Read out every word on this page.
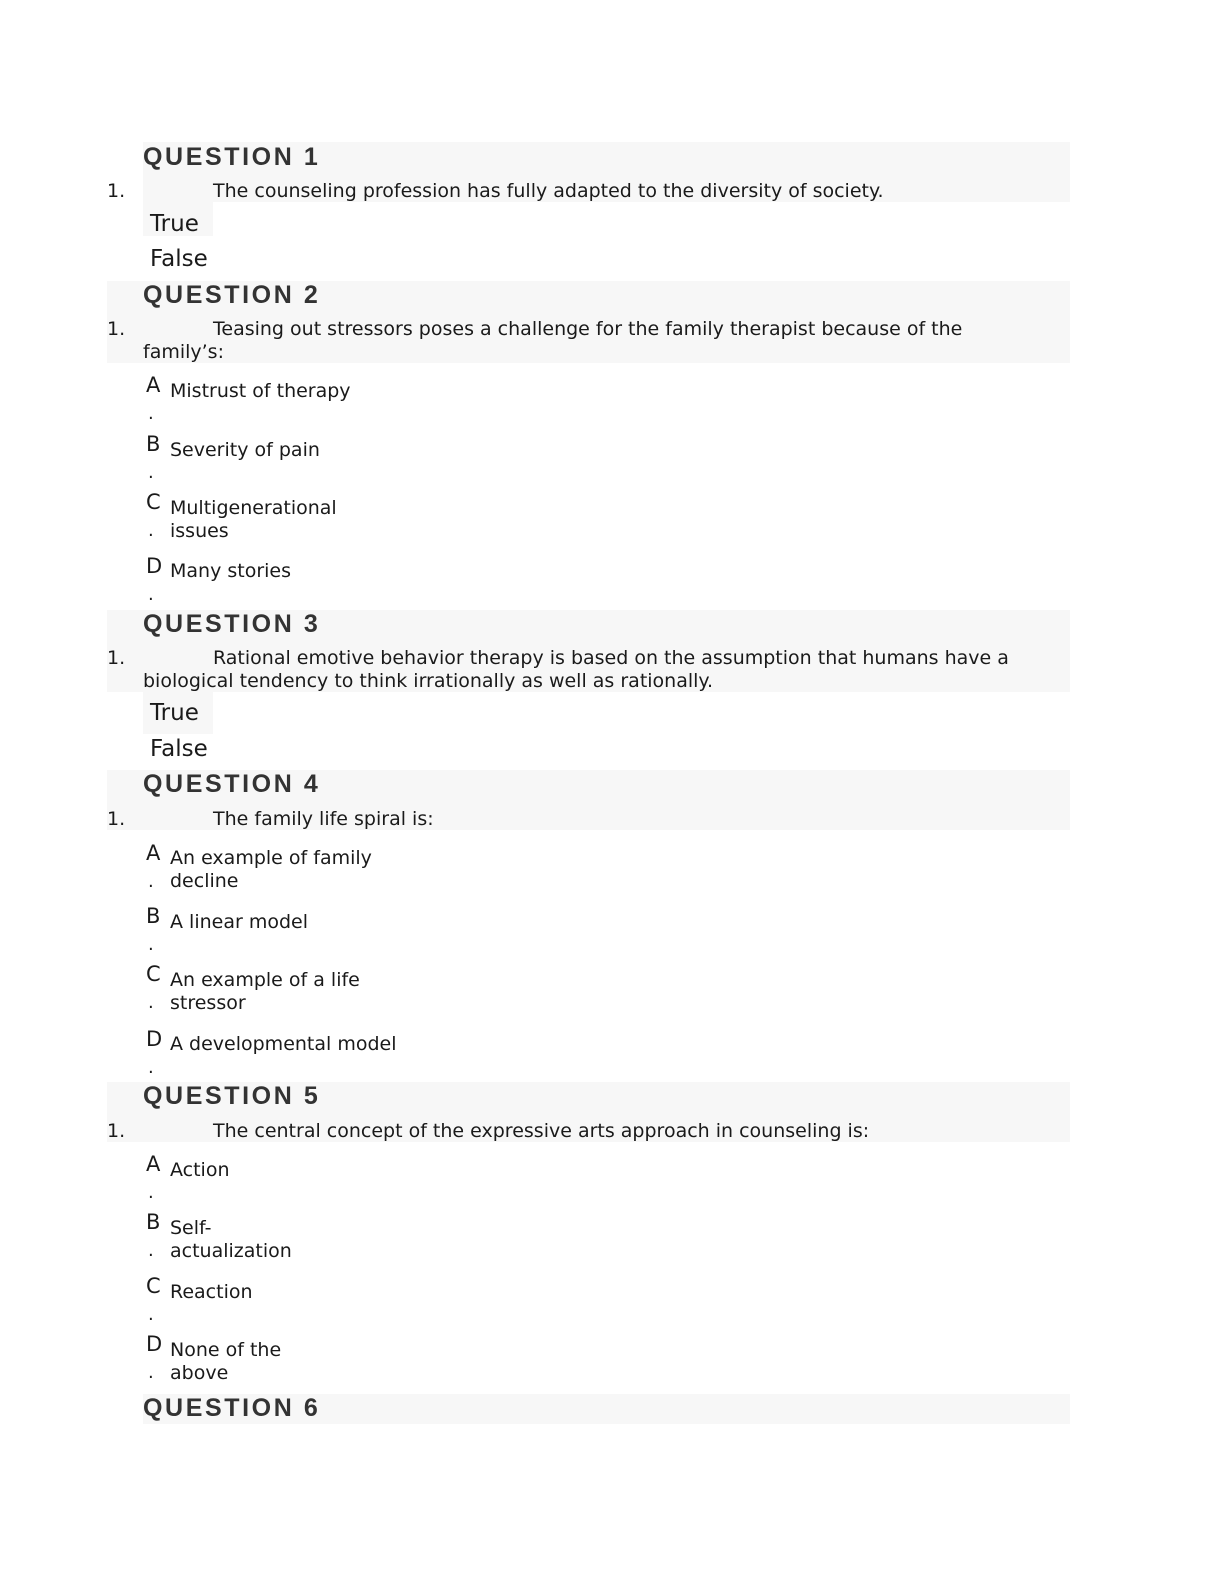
QUESTION 1
1.	The counseling profession has fully adapted to the diversity of society.
True
False
QUESTION 2
1.	Teasing out stressors poses a challenge for the family therapist because of the
family’s:
A
.
Mistrust of therapy
B
.
Severity of pain
C
.
Multigenerational
issues
D
.
Many stories
QUESTION 3
1.	Rational emotive behavior therapy is based on the assumption that humans have a
biological tendency to think irrationally as well as rationally.
True
False
QUESTION 4
1.	The family life spiral is:
A
.
An example of family
decline
B
.
A linear model
C
.
An example of a life
stressor
D
.
A developmental model
QUESTION 5
1.	The central concept of the expressive arts approach in counseling is:
A
.
Action
B
.
Self-
actualization
C
.
Reaction
D
.
None of the
above
QUESTION 6
